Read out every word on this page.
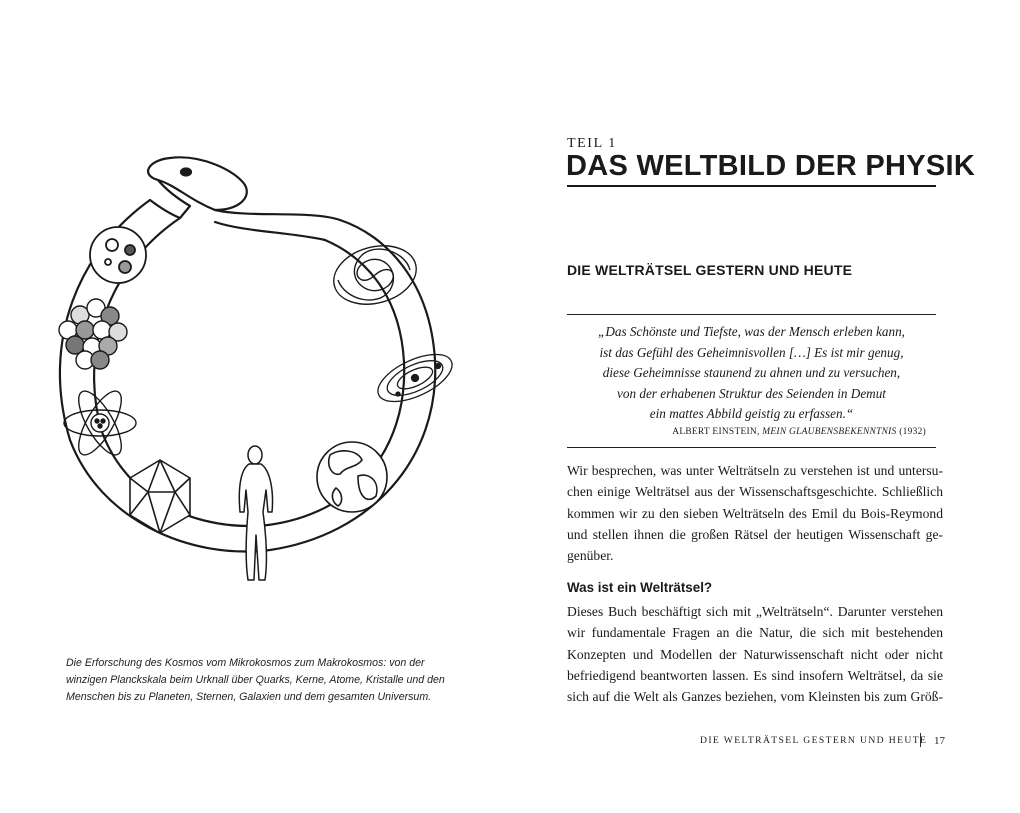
Die Erforschung des Kosmos vom Mikrokosmos zum Makrokosmos: von der
winzigen Planckskala beim Urknall über Quarks, Kerne, Atome, Kristalle und den
Menschen bis zu Planeten, Sternen, Galaxien und dem gesamten Universum.
TEIL 1
DAS WELTBILD DER PHYSIK
DIE WELTRÄTSEL GESTERN UND HEUTE
„Das Schönste und Tiefste, was der Mensch erleben kann,
ist das Gefühl des Geheimnisvollen […] Es ist mir genug,
diese Geheimnisse staunend zu ahnen und zu versuchen,
von der erhabenen Struktur des Seienden in Demut
ein mattes Abbild geistig zu erfassen.“
ALBERT EINSTEIN, MEIN GLAUBENSBEKENNTNIS (1932)
Wir besprechen, was unter Welträtseln zu verstehen ist und untersu-
chen einige Welträtsel aus der Wissenschaftsgeschichte. Schließlich
kommen wir zu den sieben Welträtseln des Emil du Bois-Reymond
und stellen ihnen die großen Rätsel der heutigen Wissenschaft ge-
genüber.
Was ist ein Welträtsel?
Dieses Buch beschäftigt sich mit „Welträtseln“. Darunter verstehen
wir fundamentale Fragen an die Natur, die sich mit bestehenden
Konzepten und Modellen der Naturwissenschaft nicht oder nicht
befriedigend beantworten lassen. Es sind insofern Welträtsel, da sie
sich auf die Welt als Ganzes beziehen, vom Kleinsten bis zum Größ-
DIE WELTRÄTSEL GESTERN UND HEUTE 17
